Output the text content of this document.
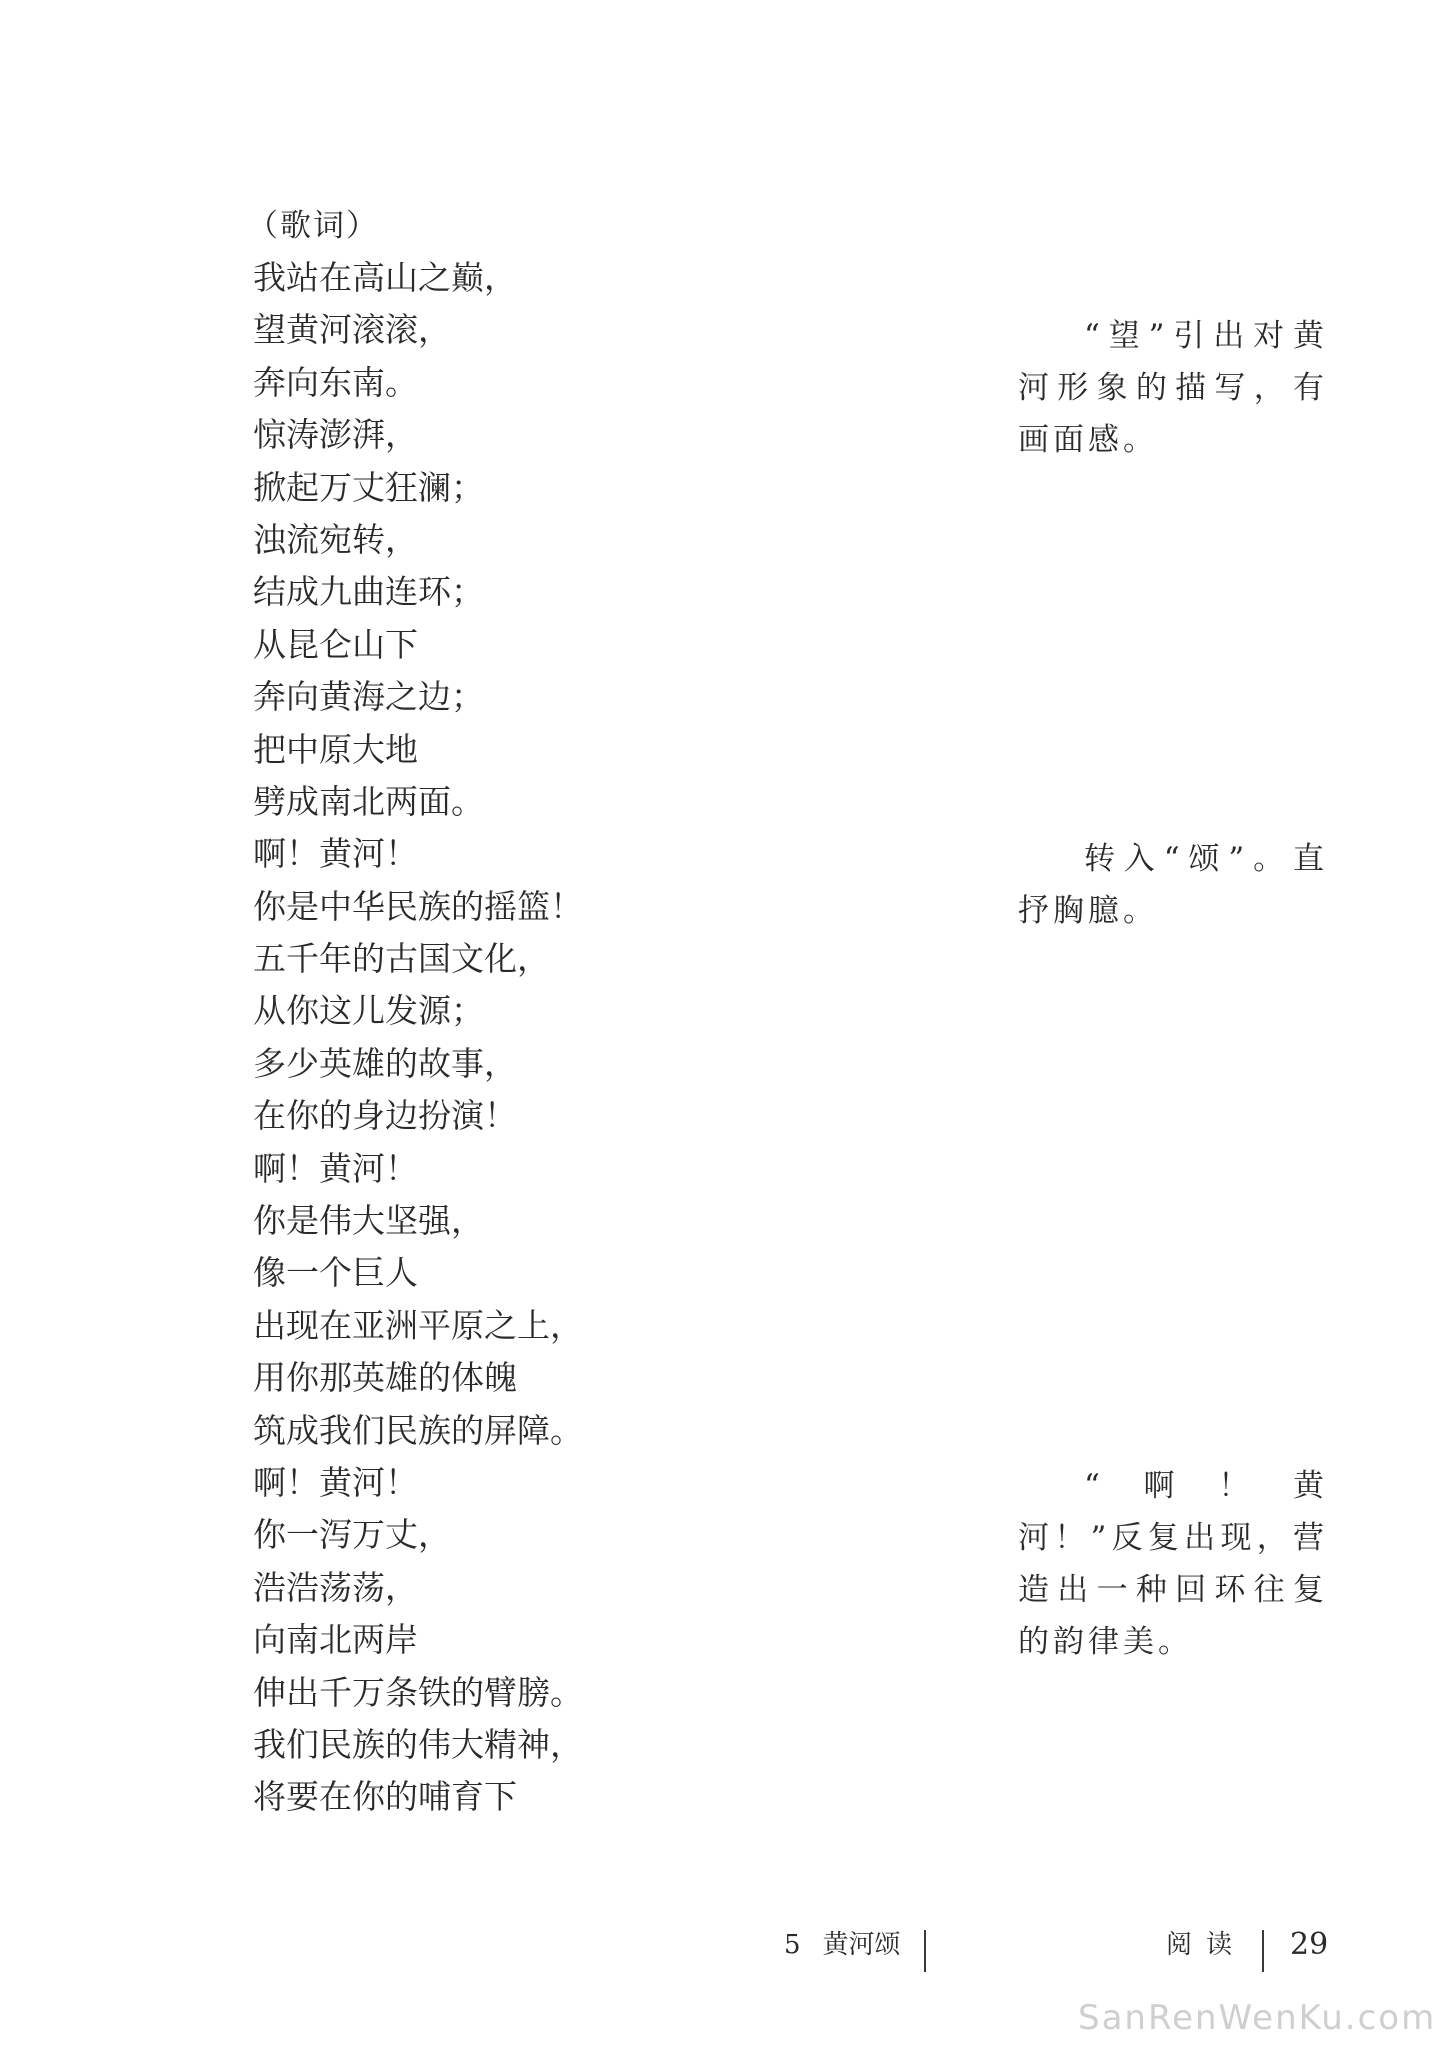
（歌词）
我站在高山之巅，
望黄河滚滚，
奔向东南。
惊涛澎湃，
掀起万丈狂澜；
浊流宛转，
结成九曲连环；
从昆仑山下
奔向黄海之边；
把中原大地
劈成南北两面。
啊！黄河！
你是中华民族的摇篮！
五千年的古国文化，
从你这儿发源；
多少英雄的故事，
在你的身边扮演！
啊！黄河！
你是伟大坚强，
像一个巨人
出现在亚洲平原之上，
用你那英雄的体魄
筑成我们民族的屏障。
啊！黄河！
你一泻万丈，
浩浩荡荡，
向南北两岸
伸出千万条铁的臂膀。
我们民族的伟大精神，
将要在你的哺育下
“望”引出对黄河形象的描写，有画面感。
转入“颂”。直抒胸臆。
“啊！黄河！”反复出现，营造出一种回环往复的韵律美。
5 黄河颂	阅读 29
SanRenWenKu.com
